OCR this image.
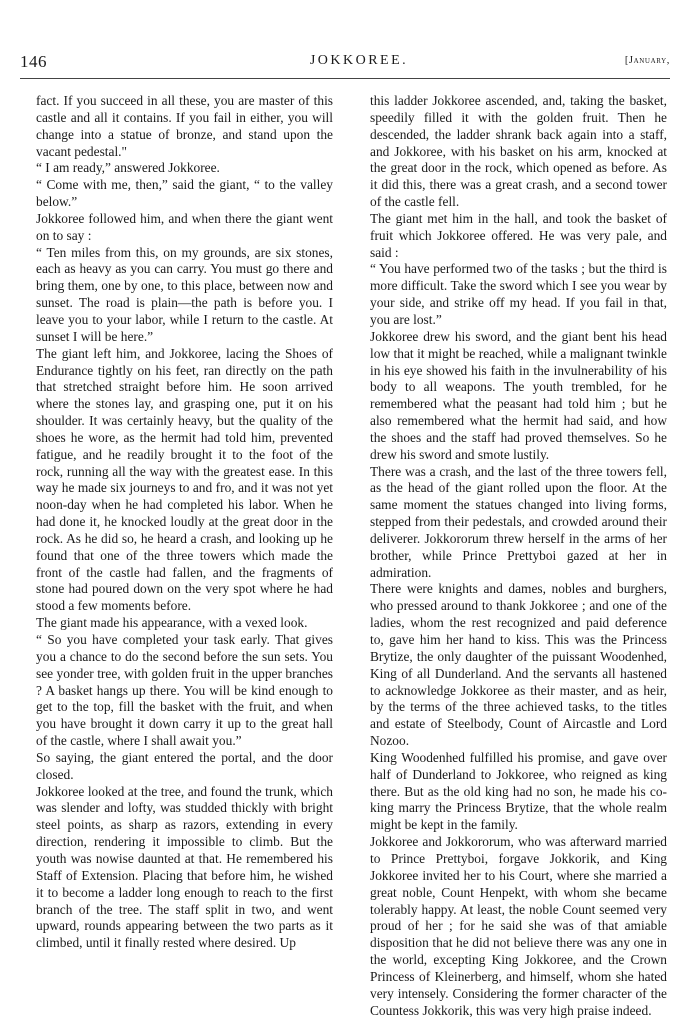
146	JOKKOREE.	[January,

fact. If you succeed in all these, you are master of this castle and all it contains. If you fail in either, you will change into a statue of bronze, and stand upon the vacant pedestal."

“ I am ready,” answered Jokkoree.

“ Come with me, then,” said the giant, “ to the valley below.”

Jokkoree followed him, and when there the giant went on to say :

“ Ten miles from this, on my grounds, are six stones, each as heavy as you can carry. You must go there and bring them, one by one, to this place, between now and sunset. The road is plain—the path is before you. I leave you to your labor, while I return to the castle. At sunset I will be here.”

The giant left him, and Jokkoree, lacing the Shoes of Endurance tightly on his feet, ran directly on the path that stretched straight before him. He soon arrived where the stones lay, and grasping one, put it on his shoulder. It was certainly heavy, but the quality of the shoes he wore, as the hermit had told him, prevented fatigue, and he readily brought it to the foot of the rock, running all the way with the greatest ease. In this way he made six journeys to and fro, and it was not yet noon-day when he had completed his labor. When he had done it, he knocked loudly at the great door in the rock. As he did so, he heard a crash, and looking up he found that one of the three towers which made the front of the castle had fallen, and the fragments of stone had poured down on the very spot where he had stood a few moments before.

The giant made his appearance, with a vexed look.

“ So you have completed your task early. That gives you a chance to do the second before the sun sets. You see yonder tree, with golden fruit in the upper branches ? A basket hangs up there. You will be kind enough to get to the top, fill the basket with the fruit, and when you have brought it down carry it up to the great hall of the castle, where I shall await you.”

So saying, the giant entered the portal, and the door closed.

Jokkoree looked at the tree, and found the trunk, which was slender and lofty, was studded thickly with bright steel points, as sharp as razors, extending in every direction, rendering it impossible to climb. But the youth was nowise daunted at that. He remembered his Staff of Extension. Placing that before him, he wished it to become a ladder long enough to reach to the first branch of the tree. The staff split in two, and went upward, rounds appearing between the two parts as it climbed, until it finally rested where desired. Up

this ladder Jokkoree ascended, and, taking the basket, speedily filled it with the golden fruit. Then he descended, the ladder shrank back again into a staff, and Jokkoree, with his basket on his arm, knocked at the great door in the rock, which opened as before. As it did this, there was a great crash, and a second tower of the castle fell.

The giant met him in the hall, and took the basket of fruit which Jokkoree offered. He was very pale, and said :

“ You have performed two of the tasks ; but the third is more difficult. Take the sword which I see you wear by your side, and strike off my head. If you fail in that, you are lost.”

Jokkoree drew his sword, and the giant bent his head low that it might be reached, while a malignant twinkle in his eye showed his faith in the invulnerability of his body to all weapons. The youth trembled, for he remembered what the peasant had told him ; but he also remembered what the hermit had said, and how the shoes and the staff had proved themselves. So he drew his sword and smote lustily.

There was a crash, and the last of the three towers fell, as the head of the giant rolled upon the floor. At the same moment the statues changed into living forms, stepped from their pedestals, and crowded around their deliverer. Jokkororum threw herself in the arms of her brother, while Prince Prettyboi gazed at her in admiration.

There were knights and dames, nobles and burghers, who pressed around to thank Jokkoree ; and one of the ladies, whom the rest recognized and paid deference to, gave him her hand to kiss. This was the Princess Brytize, the only daughter of the puissant Woodenhed, King of all Dunderland. And the servants all hastened to acknowledge Jokkoree as their master, and as heir, by the terms of the three achieved tasks, to the titles and estate of Steelbody, Count of Aircastle and Lord Nozoo.

King Woodenhed fulfilled his promise, and gave over half of Dunderland to Jokkoree, who reigned as king there. But as the old king had no son, he made his co-king marry the Princess Brytize, that the whole realm might be kept in the family.

Jokkoree and Jokkororum, who was afterward married to Prince Prettyboi, forgave Jokkorik, and King Jokkoree invited her to his Court, where she married a great noble, Count Henpekt, with whom she became tolerably happy. At least, the noble Count seemed very proud of her ; for he said she was of that amiable disposition that he did not believe there was any one in the world, excepting King Jokkoree, and the Crown Princess of Kleinerberg, and himself, whom she hated very intensely. Considering the former character of the Countess Jokkorik, this was very high praise indeed.
